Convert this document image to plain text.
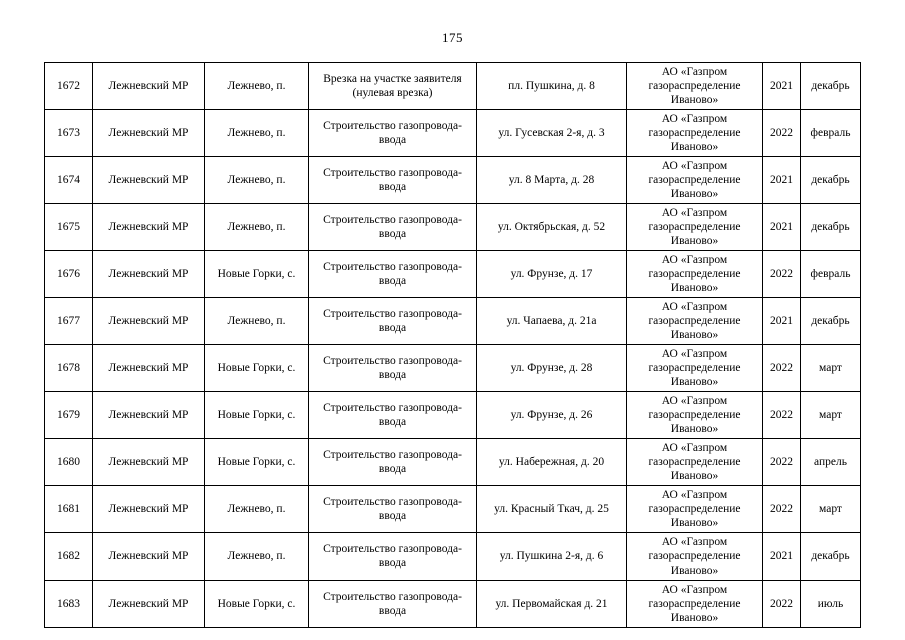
175
1672	Лежневский МР	Лежнево, п.	Врезка на участке заявителя (нулевая врезка)	пл. Пушкина, д. 8	АО «Газпром газораспределение Иваново»	2021	декабрь
1673	Лежневский МР	Лежнево, п.	Строительство газопровода-ввода	ул. Гусевская 2-я, д. 3	АО «Газпром газораспределение Иваново»	2022	февраль
1674	Лежневский МР	Лежнево, п.	Строительство газопровода-ввода	ул. 8 Марта, д. 28	АО «Газпром газораспределение Иваново»	2021	декабрь
1675	Лежневский МР	Лежнево, п.	Строительство газопровода-ввода	ул. Октябрьская, д. 52	АО «Газпром газораспределение Иваново»	2021	декабрь
1676	Лежневский МР	Новые Горки, с.	Строительство газопровода-ввода	ул. Фрунзе, д. 17	АО «Газпром газораспределение Иваново»	2022	февраль
1677	Лежневский МР	Лежнево, п.	Строительство газопровода-ввода	ул. Чапаева, д. 21а	АО «Газпром газораспределение Иваново»	2021	декабрь
1678	Лежневский МР	Новые Горки, с.	Строительство газопровода-ввода	ул. Фрунзе, д. 28	АО «Газпром газораспределение Иваново»	2022	март
1679	Лежневский МР	Новые Горки, с.	Строительство газопровода-ввода	ул. Фрунзе, д. 26	АО «Газпром газораспределение Иваново»	2022	март
1680	Лежневский МР	Новые Горки, с.	Строительство газопровода-ввода	ул. Набережная, д. 20	АО «Газпром газораспределение Иваново»	2022	апрель
1681	Лежневский МР	Лежнево, п.	Строительство газопровода-ввода	ул. Красный Ткач, д. 25	АО «Газпром газораспределение Иваново»	2022	март
1682	Лежневский МР	Лежнево, п.	Строительство газопровода-ввода	ул. Пушкина 2-я, д. 6	АО «Газпром газораспределение Иваново»	2021	декабрь
1683	Лежневский МР	Новые Горки, с.	Строительство газопровода-ввода	ул. Первомайская д. 21	АО «Газпром газораспределение Иваново»	2022	июль
